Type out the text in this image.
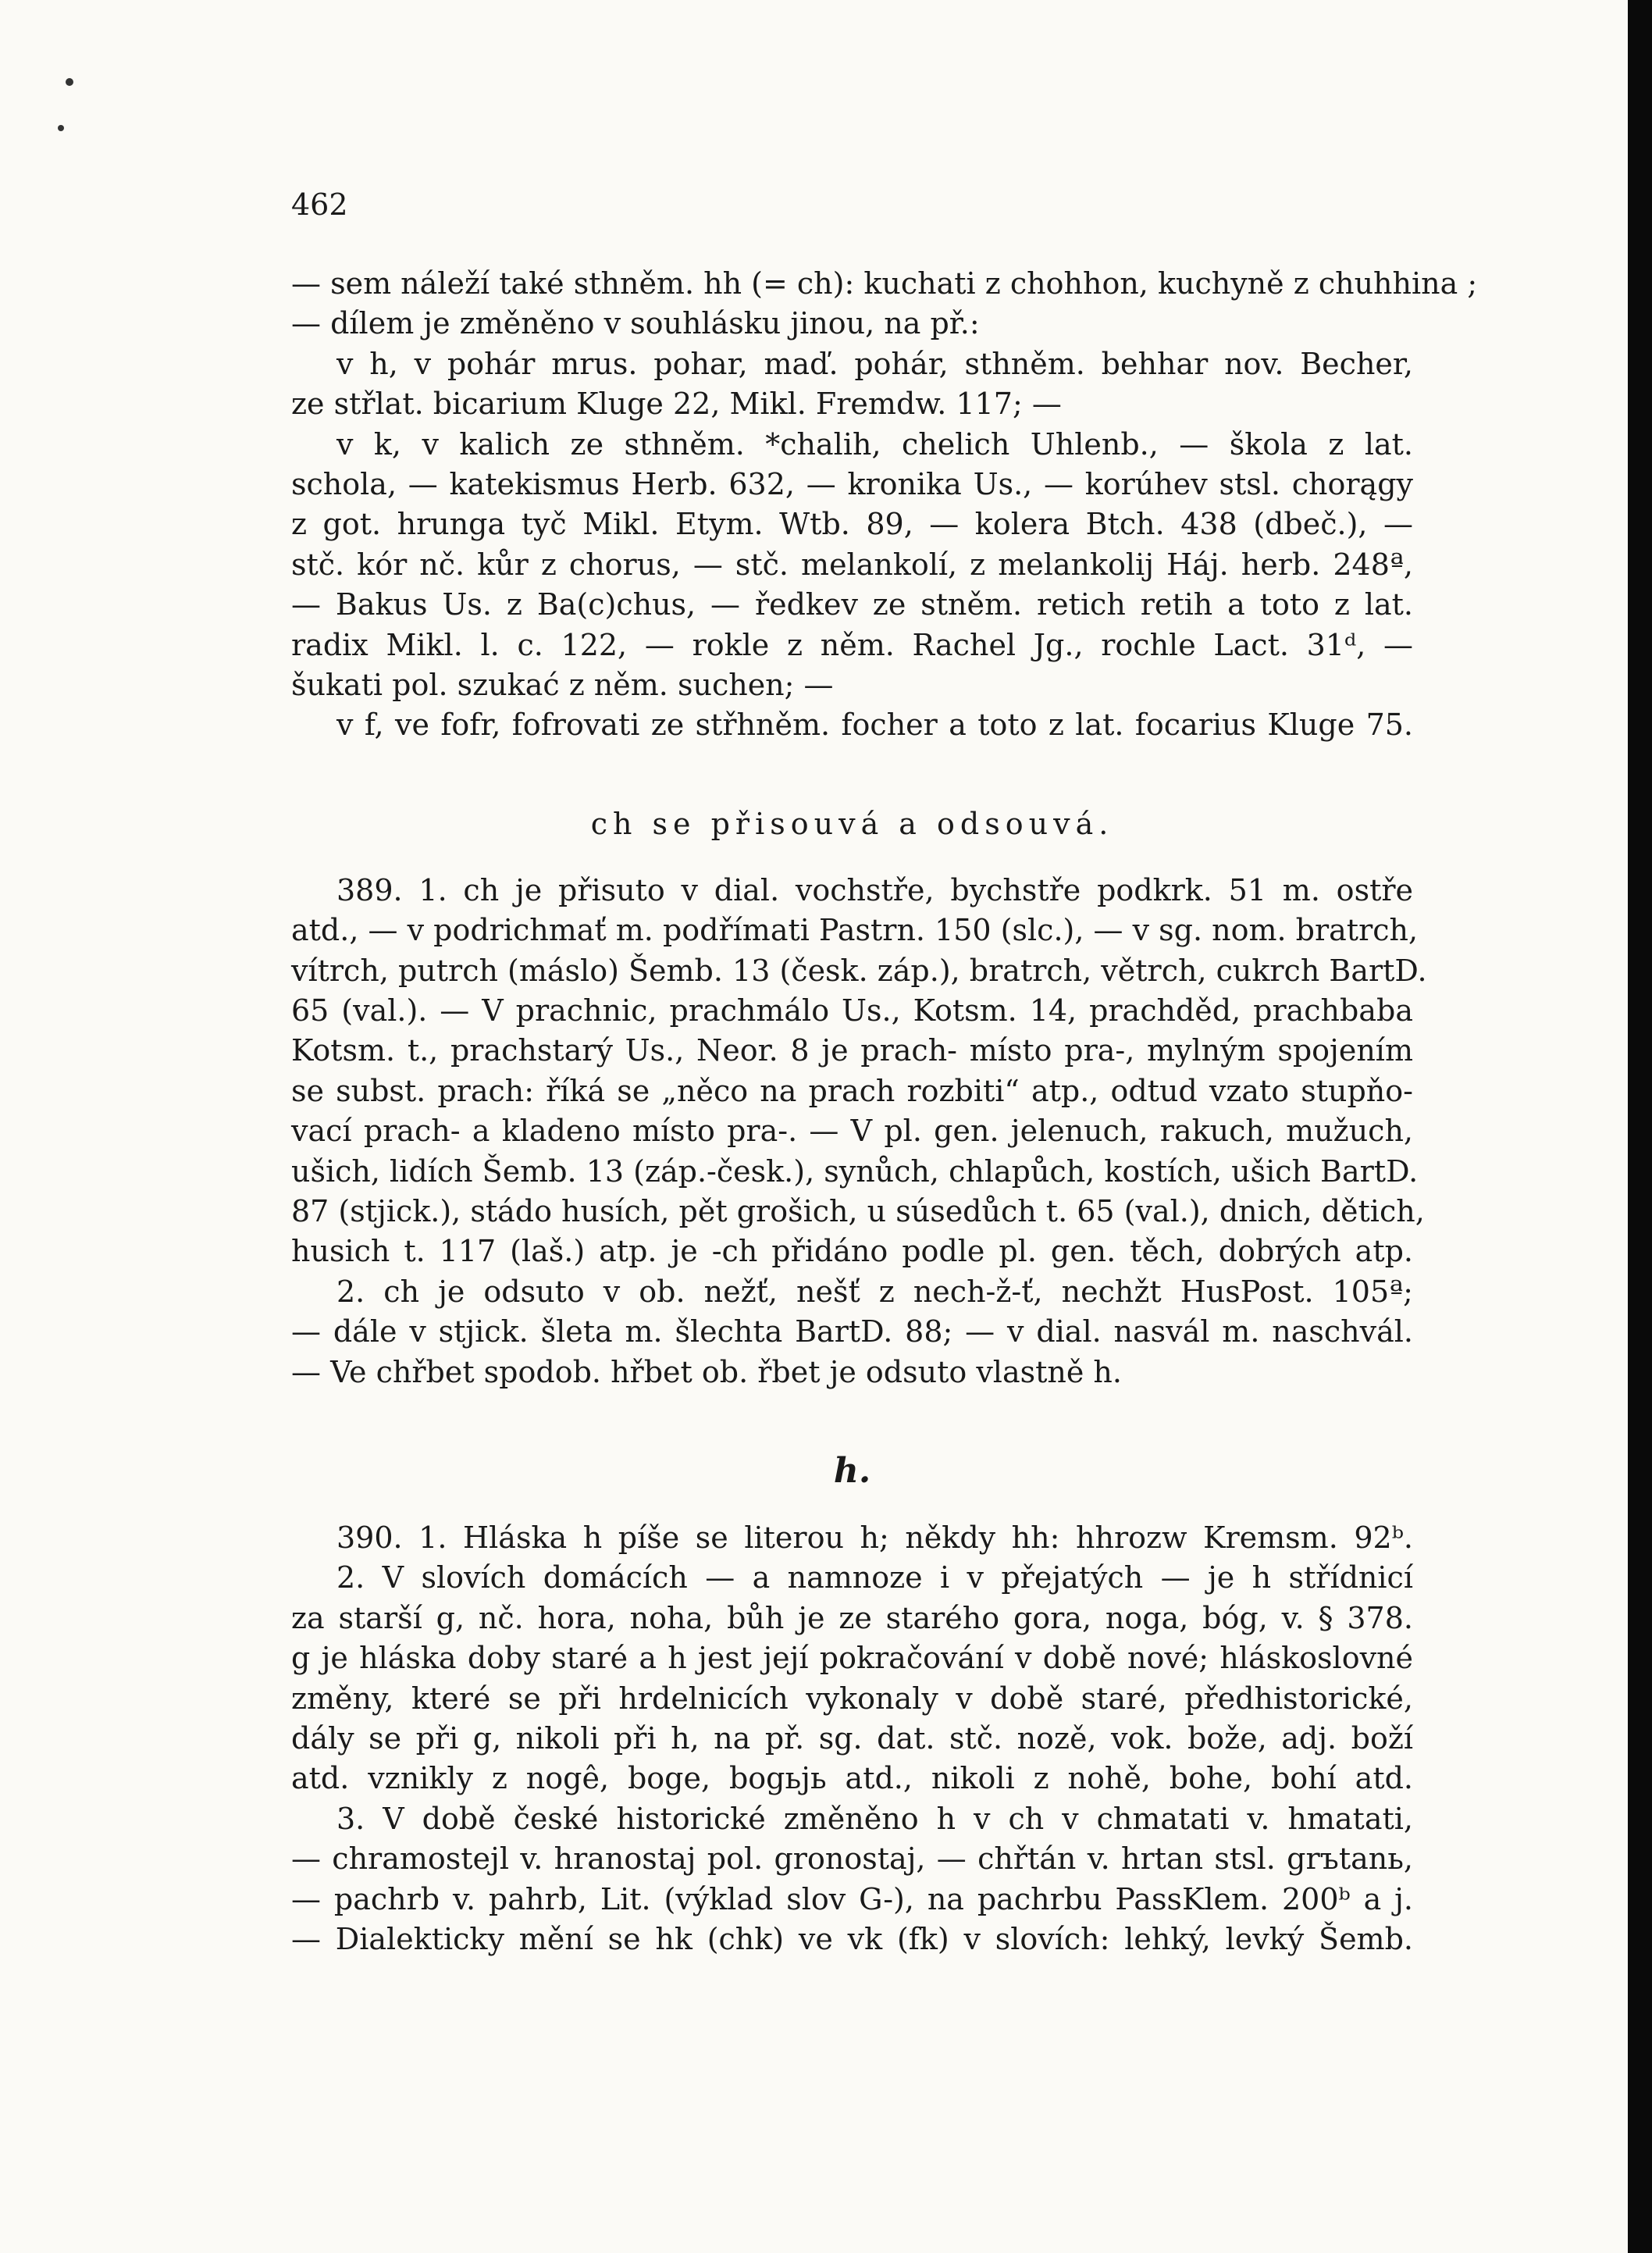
462
— sem náleží také sthněm. hh (= ch): kuchati z chohhon, kuchyně z chuhhina ;
— dílem je změněno v souhlásku jinou, na př.:
v h, v pohár mrus. pohar, maď. pohár, sthněm. behhar nov. Becher,
ze střlat. bicarium Kluge 22, Mikl. Fremdw. 117; —
v k, v kalich ze sthněm. *chalih, chelich Uhlenb., — škola z lat.
schola, — katekismus Herb. 632, — kronika Us., — korúhev stsl. chorągy
z got. hrunga tyč Mikl. Etym. Wtb. 89, — kolera Btch. 438 (dbeč.), —
stč. kór nč. kůr z chorus, — stč. melankolí, z melankolij Háj. herb. 248ª,
— Bakus Us. z Ba(c)chus, — ředkev ze stněm. retich retih a toto z lat.
radix Mikl. l. c. 122, — rokle z něm. Rachel Jg., rochle Lact. 31ᵈ, —
šukati pol. szukać z něm. suchen; —
v f, ve fofr, fofrovati ze střhněm. focher a toto z lat. focarius Kluge 75.
ch se přisouvá a odsouvá.
389. 1. ch je přisuto v dial. vochstře, bychstře podkrk. 51 m. ostře
atd., — v podrichmať m. podřímati Pastrn. 150 (slc.), — v sg. nom. bratrch,
vítrch, putrch (máslo) Šemb. 13 (česk. záp.), bratrch, větrch, cukrch BartD.
65 (val.). — V prachnic, prachmálo Us., Kotsm. 14, prachděd, prachbaba
Kotsm. t., prachstarý Us., Neor. 8 je prach- místo pra-, mylným spojením
se subst. prach: říká se „něco na prach rozbiti“ atp., odtud vzato stupňo-
vací prach- a kladeno místo pra-. — V pl. gen. jelenuch, rakuch, mužuch,
ušich, lidích Šemb. 13 (záp.-česk.), synůch, chlapůch, kostích, ušich BartD.
87 (stjick.), stádo husích, pět grošich, u súsedůch t. 65 (val.), dnich, dětich,
husich t. 117 (laš.) atp. je -ch přidáno podle pl. gen. těch, dobrých atp.
2. ch je odsuto v ob. nežť, nešť z nech-ž-ť, nechžt HusPost. 105ª;
— dále v stjick. šleta m. šlechta BartD. 88; — v dial. nasvál m. naschvál.
— Ve chřbet spodob. hřbet ob. řbet je odsuto vlastně h.
h.
390. 1. Hláska h píše se literou h; někdy hh: hhrozw Kremsm. 92ᵇ.
2. V slovích domácích — a namnoze i v přejatých — je h střídnicí
za starší g, nč. hora, noha, bůh je ze starého gora, noga, bóg, v. § 378.
g je hláska doby staré a h jest její pokračování v době nové; hláskoslovné
změny, které se při hrdelnicích vykonaly v době staré, předhistorické,
dály se při g, nikoli při h, na př. sg. dat. stč. nozě, vok. bože, adj. boží
atd. vznikly z nogê, boge, bogьjь atd., nikoli z nohě, bohe, bohí atd.
3. V době české historické změněno h v ch v chmatati v. hmatati,
— chramostejl v. hranostaj pol. gronostaj, — chřtán v. hrtan stsl. grъtanь,
— pachrb v. pahrb, Lit. (výklad slov G-), na pachrbu PassKlem. 200ᵇ a j.
— Dialekticky mění se hk (chk) ve vk (fk) v slovích: lehký, levký Šemb.
